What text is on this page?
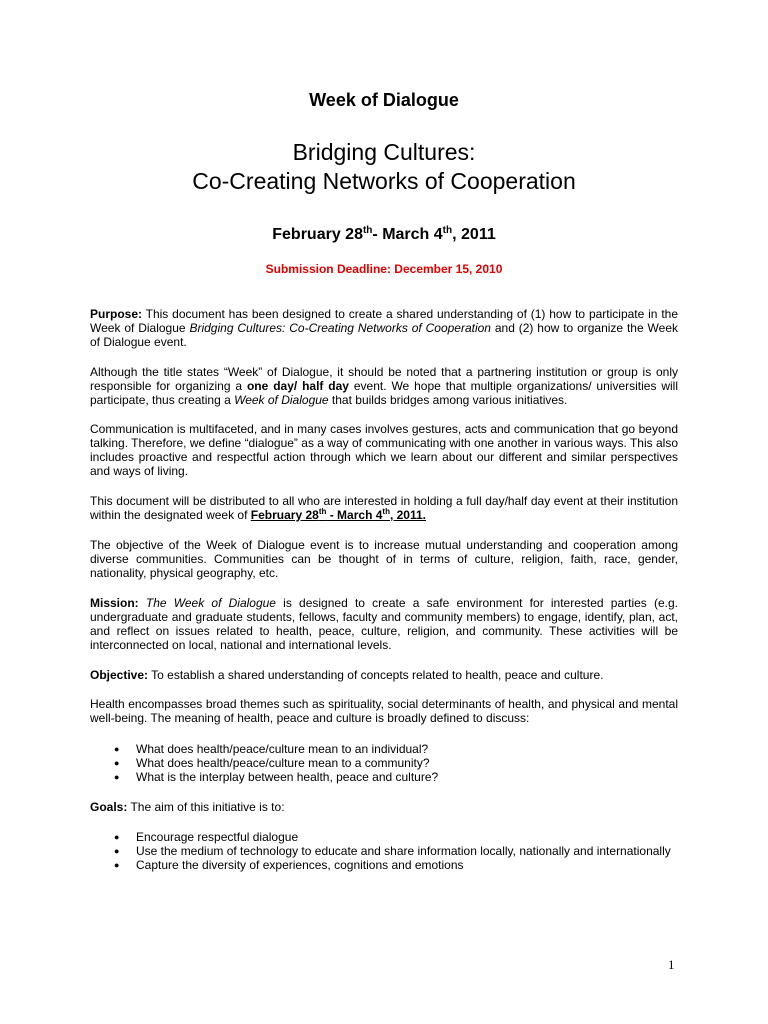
Week of Dialogue
Bridging Cultures:
Co-Creating Networks of Cooperation
February 28th- March 4th, 2011
Submission Deadline: December 15, 2010

Purpose: This document has been designed to create a shared understanding of (1) how to participate in the Week of Dialogue Bridging Cultures: Co-Creating Networks of Cooperation and (2) how to organize the Week of Dialogue event.

Although the title states “Week” of Dialogue, it should be noted that a partnering institution or group is only responsible for organizing a one day/ half day event. We hope that multiple organizations/ universities will participate, thus creating a Week of Dialogue that builds bridges among various initiatives.

Communication is multifaceted, and in many cases involves gestures, acts and communication that go beyond talking. Therefore, we define “dialogue” as a way of communicating with one another in various ways. This also includes proactive and respectful action through which we learn about our different and similar perspectives and ways of living.

This document will be distributed to all who are interested in holding a full day/half day event at their institution within the designated week of February 28th - March 4th, 2011.

The objective of the Week of Dialogue event is to increase mutual understanding and cooperation among diverse communities. Communities can be thought of in terms of culture, religion, faith, race, gender, nationality, physical geography, etc.

Mission: The Week of Dialogue is designed to create a safe environment for interested parties (e.g. undergraduate and graduate students, fellows, faculty and community members) to engage, identify, plan, act, and reflect on issues related to health, peace, culture, religion, and community. These activities will be interconnected on local, national and international levels.

Objective: To establish a shared understanding of concepts related to health, peace and culture.

Health encompasses broad themes such as spirituality, social determinants of health, and physical and mental well-being. The meaning of health, peace and culture is broadly defined to discuss:

● What does health/peace/culture mean to an individual?
● What does health/peace/culture mean to a community?
● What is the interplay between health, peace and culture?

Goals: The aim of this initiative is to:

● Encourage respectful dialogue
● Use the medium of technology to educate and share information locally, nationally and internationally
● Capture the diversity of experiences, cognitions and emotions
1
